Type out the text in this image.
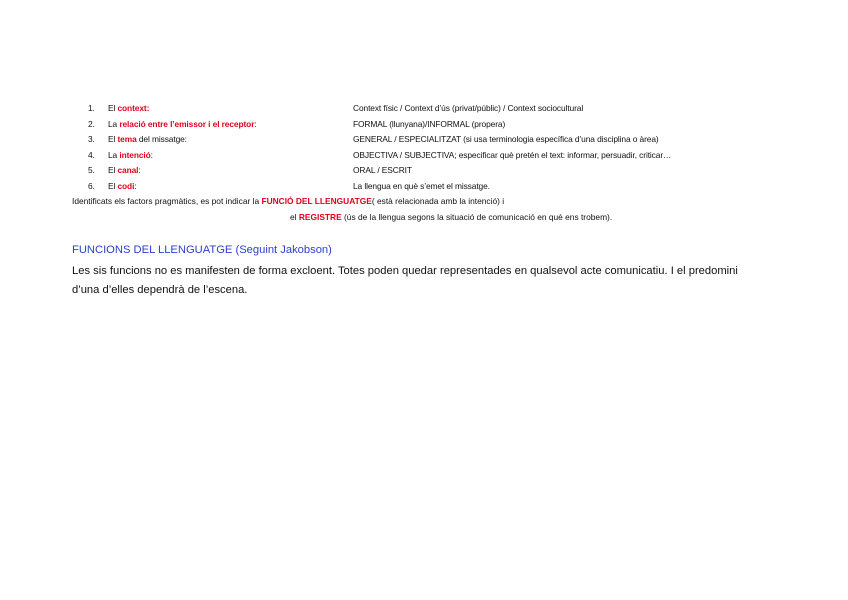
1.	El context:	Context físic / Context d’ús (privat/públic) / Context sociocultural
2.	La relació entre l’emissor i el receptor:	FORMAL (llunyana)/INFORMAL (propera)
3.	El tema del missatge:	GENERAL / ESPECIALITZAT (si usa terminologia específica d’una disciplina o àrea)
4.	La intenció:	OBJECTIVA / SUBJECTIVA; especificar què pretén el text: informar, persuadir, criticar…
5.	El canal:	ORAL / ESCRIT
6.	El codi:	La llengua en què s’emet el missatge.
Identificats els factors pragmàtics, es pot indicar la FUNCIÓ DEL LLENGUATGE( està relacionada amb la intenció) i
el REGISTRE (ús de la llengua segons la situació de comunicació en què ens trobem).
FUNCIONS DEL LLENGUATGE (Seguint Jakobson)

Les sis funcions no es manifesten de forma excloent. Totes poden quedar representades en qualsevol acte comunicatiu. I el predomini d’una d’elles dependrà de l’escena.
